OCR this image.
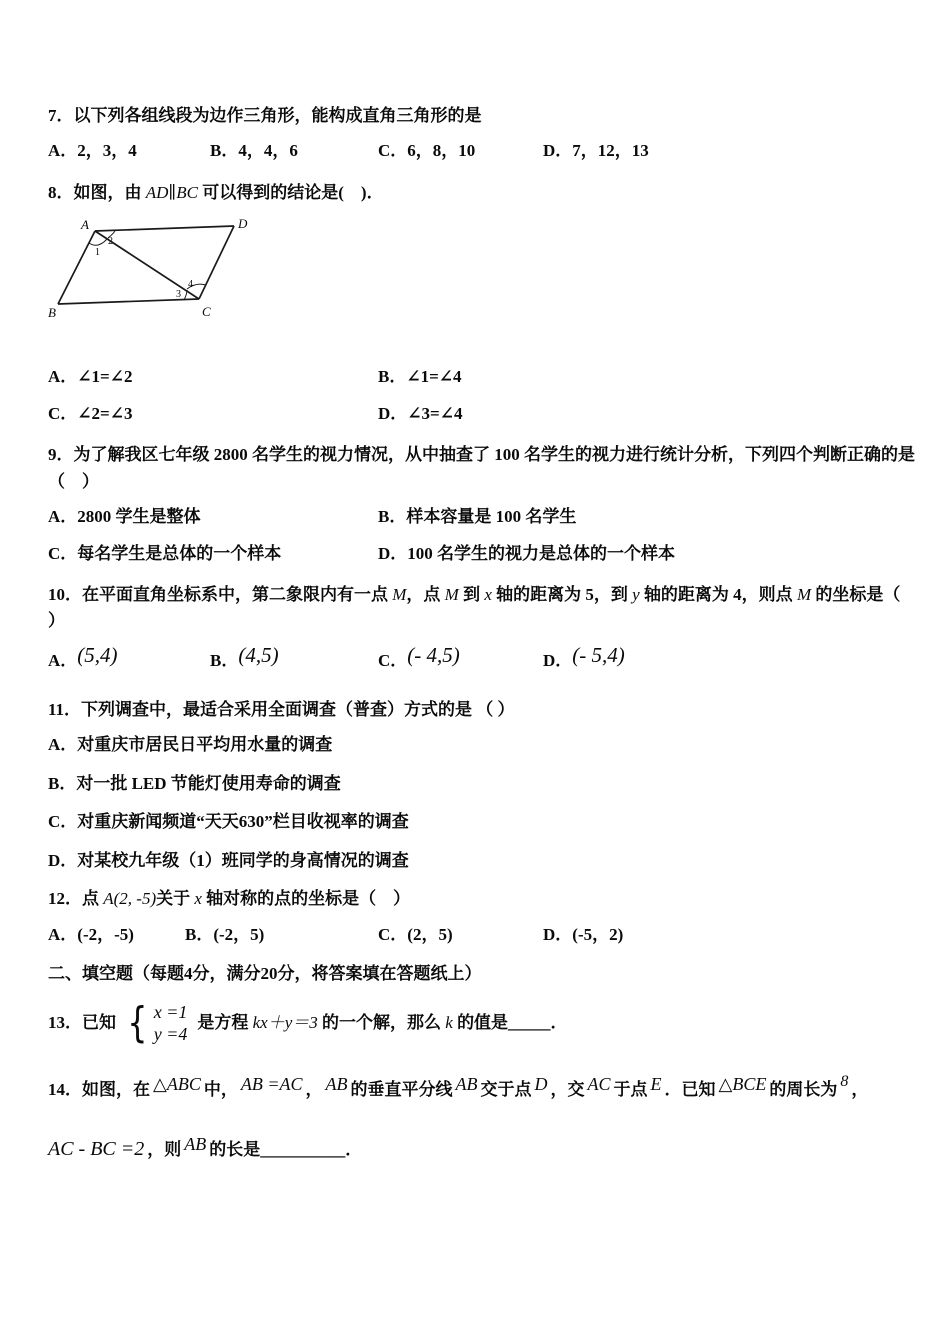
7．以下列各组线段为边作三角形，能构成直角三角形的是

A．2，3，4	B．4，4，6	C．6，8，10	D．7，12，13

8．如图，由 AD∥BC 可以得到的结论是(　)．

A	D
B	C
1
2
3
4
A．∠1=∠2	B．∠1=∠4
C．∠2=∠3	D．∠3=∠4

9．为了解我区七年级 2800 名学生的视力情况，从中抽查了 100 名学生的视力进行统计分析，下列四个判断正确的是
（　）

A．2800 学生是整体	B．样本容量是 100 名学生
C．每名学生是总体的一个样本	D．100 名学生的视力是总体的一个样本

10．在平面直角坐标系中，第二象限内有一点 M，点 M 到 x 轴的距离为 5，到 y 轴的距离为 4，则点 M 的坐标是（
）

A．(5,4)	B．(4,5)	C．(- 4,5)	D．(- 5,4)

11．下列调查中，最适合采用全面调查（普查）方式的是 （ ）

A．对重庆市居民日平均用水量的调查
B．对一批 LED 节能灯使用寿命的调查
C．对重庆新闻频道“天天630”栏目收视率的调查
D．对某校九年级（1）班同学的身高情况的调查

12．点 A(2, -5)关于 x 轴对称的点的坐标是（　）

A．(-2，-5)	B．(-2，5)	C．(2，5)	D．(-5，2)

二、填空题（每题4分，满分20分，将答案填在答题纸上）

13．已知 { x =1
y =4
是方程 kx＋y＝3 的一个解，那么 k 的值是_____．

14．如图，在 △ABC 中， AB =AC ， AB 的垂直平分线 AB 交于点 D ，交 AC 于点 E ．已知 △BCE 的周长为 8 ，

AC - BC =2 ，则 AB 的长是__________．
